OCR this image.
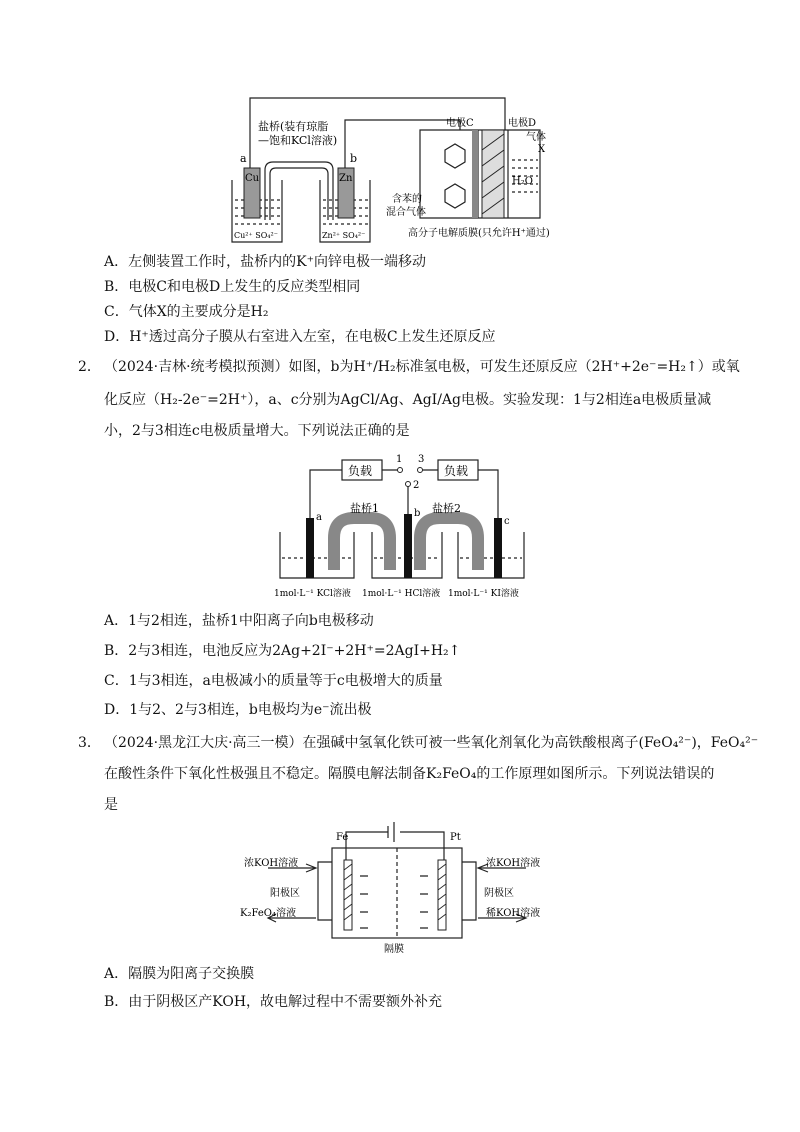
盐桥(装有琼脂
—饱和KCl溶液)
a	b
Cu	Zn
Cu²⁺ SO₄²⁻	Zn²⁺ SO₄²⁻
电极C	电极D
气体
X
H₂O
含苯的
混合气体
高分子电解质膜(只允许H⁺通过)
A．左侧装置工作时，盐桥内的K⁺向锌电极一端移动
B．电极C和电极D上发生的反应类型相同
C．气体X的主要成分是H₂
D．H⁺透过高分子膜从右室进入左室，在电极C上发生还原反应
2． （2024·吉林·统考模拟预测）如图，b为H⁺/H₂标准氢电极，可发生还原反应（2H⁺+2e⁻=H₂↑）或氧
化反应（H₂-2e⁻=2H⁺），a、c分别为AgCl/Ag、AgI/Ag电极。实验发现：1与2相连a电极质量减
小，2与3相连c电极质量增大。下列说法正确的是
负载	负载
1 3
2
a	b
c
盐桥1	盐桥2
1mol·L⁻¹ KCl溶液 1mol·L⁻¹ HCl溶液 1mol·L⁻¹ KI溶液
A．1与2相连，盐桥1中阳离子向b电极移动
B．2与3相连，电池反应为2Ag+2I⁻+2H⁺=2AgI+H₂↑
C．1与3相连，a电极减小的质量等于c电极增大的质量
D．1与2、2与3相连，b电极均为e⁻流出极
3． （2024·黑龙江大庆·高三一模）在强碱中氢氧化铁可被一些氧化剂氧化为高铁酸根离子(FeO₄²⁻)，FeO₄²⁻
在酸性条件下氧化性极强且不稳定。隔膜电解法制备K₂FeO₄的工作原理如图所示。下列说法错误的
是
Fe	Pt
浓KOH溶液	浓KOH溶液
阳极区	阴极区
K₂FeO₄溶液	稀KOH溶液
隔膜
A．隔膜为阳离子交换膜
B．由于阴极区产KOH，故电解过程中不需要额外补充
